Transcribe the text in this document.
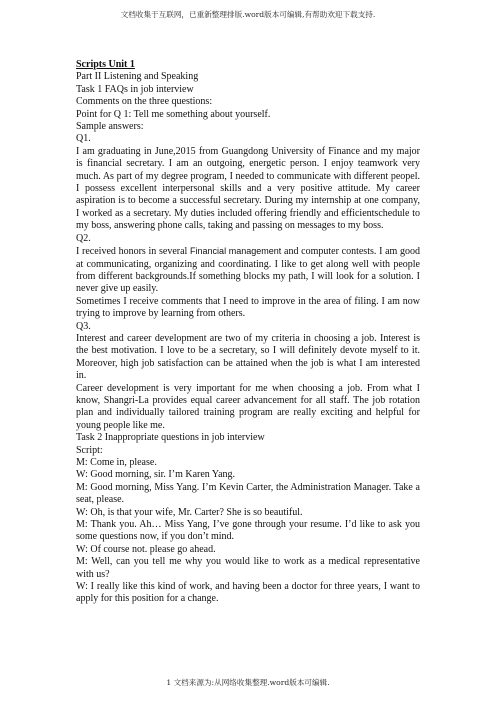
文档收集于互联网，已重新整理排版.word版本可编辑,有帮助欢迎下载支持.

Scripts Unit 1

Part II Listening and Speaking

Task 1 FAQs in job interview

Comments on the three questions:

Point for Q 1: Tell me something about yourself.

Sample answers:

Q1.

I am graduating in June,2015 from Guangdong University of Finance and my major is financial secretary. I am an outgoing, energetic person. I enjoy teamwork very much. As part of my degree program, I needed to communicate with different peopel. I possess excellent interpersonal skills and a very positive attitude. My career aspiration is to become a successful secretary. During my internship at one company, I worked as a secretary. My duties included offering friendly and efficientschedule to my boss, answering phone calls, taking and passing on messages to my boss.

Q2.

I received honors in several Financial management and computer contests. I am good at communicating, organizing and coordinating. I like to get along well with people from different backgrounds.If something blocks my path, I will look for a solution. I never give up easily.

Sometimes I receive comments that I need to improve in the area of filing. I am now trying to improve by learning from others.

Q3.

Interest and career development are two of my criteria in choosing a job. Interest is the best motivation. I love to be a secretary, so I will definitely devote myself to it. Moreover, high job satisfaction can be attained when the job is what I am interested in.

Career development is very important for me when choosing a job. From what I know, Shangri-La provides equal career advancement for all staff. The job rotation plan and individually tailored training program are really exciting and helpful for young people like me.

Task 2 Inappropriate questions in job interview

Script:

M: Come in, please.

W: Good morning, sir. I’m Karen Yang.

M: Good morning, Miss Yang. I’m Kevin Carter, the Administration Manager. Take a seat, please.

W: Oh, is that your wife, Mr. Carter? She is so beautiful.

M: Thank you. Ah… Miss Yang, I’ve gone through your resume. I’d like to ask you some questions now, if you don’t mind.

W: Of course not. please go ahead.

M: Well, can you tell me why you would like to work as a medical representative with us?

W: I really like this kind of work, and having been a doctor for three years, I want to apply for this position for a change.

1 文档来源为:从网络收集整理.word版本可编辑.
